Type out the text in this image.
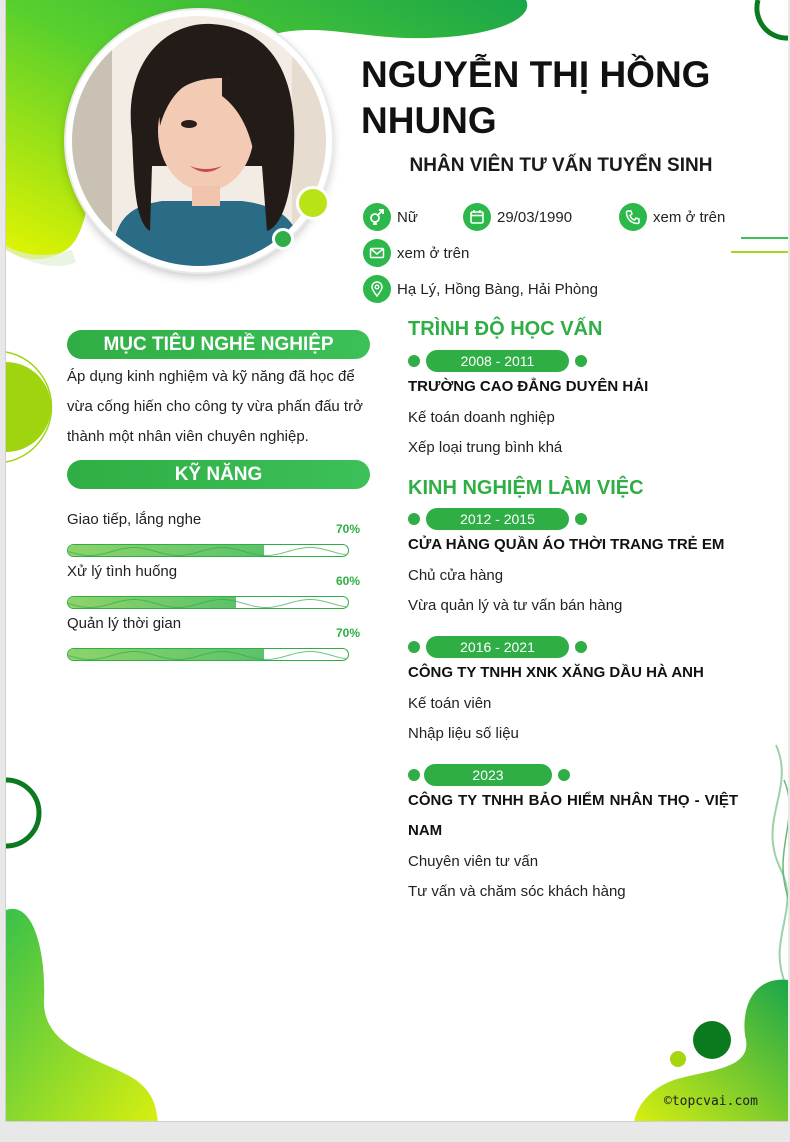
NGUYỄN THỊ HỒNG
NHUNG
NHÂN VIÊN TƯ VẤN TUYỂN SINH
Nữ	29/03/1990	xem ở trên
xem ở trên
Hạ Lý, Hồng Bàng, Hải Phòng
MỤC TIÊU NGHỀ NGHIỆP
Áp dụng kinh nghiệm và kỹ năng đã học để vừa cống hiến cho công ty vừa phấn đấu trở thành một nhân viên chuyên nghiệp.
KỸ NĂNG
Giao tiếp, lắng nghe
70%
Xử lý tình huống
60%
Quản lý thời gian
70%
TRÌNH ĐỘ HỌC VẤN
2008 - 2011
TRƯỜNG CAO ĐẲNG DUYÊN HẢI
Kế toán doanh nghiệp
Xếp loại trung bình khá
KINH NGHIỆM LÀM VIỆC
2012 - 2015
CỬA HÀNG QUẦN ÁO THỜI TRANG TRẺ EM
Chủ cửa hàng
Vừa quản lý và tư vấn bán hàng
2016 - 2021
CÔNG TY TNHH XNK XĂNG DẦU HÀ ANH
Kế toán viên
Nhập liệu số liệu
2023
CÔNG TY TNHH BẢO HIỂM NHÂN THỌ - VIỆT NAM
Chuyên viên tư vấn
Tư vấn và chăm sóc khách hàng
©topcvai.com
